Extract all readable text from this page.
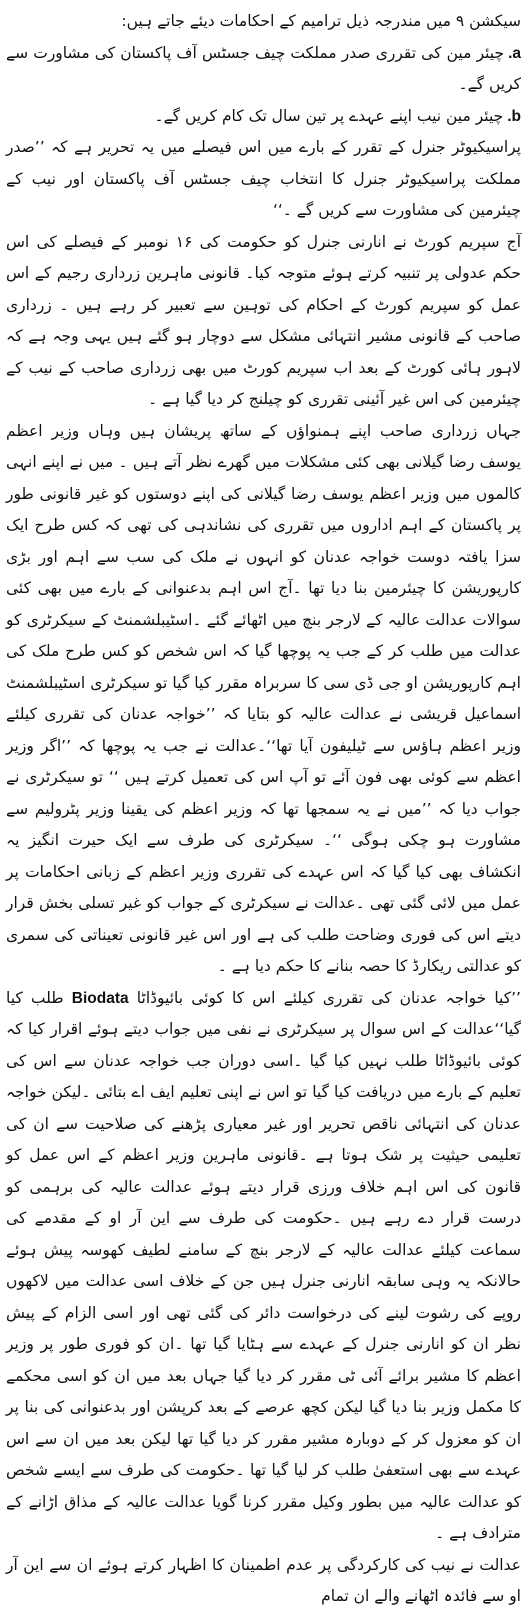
سیکشن ۹ میں مندرجہ ذیل ترامیم کے احکامات دیئے جاتے ہیں:

a.چیئر مین کی تقرری صدر مملکت چیف جسٹس آف پاکستان کی مشاورت سے کریں گے۔

b.چیئر مین نیب اپنے عہدے پر تین سال تک کام کریں گے۔

پراسیکیوٹر جنرل کے تقرر کے بارے میں اس فیصلے میں یہ تحریر ہے کہ ’’صدر مملکت پراسیکیوٹر جنرل کا انتخاب چیف جسٹس آف پاکستان اور نیب کے چیئرمین کی مشاورت سے کریں گے ۔‘‘

آج سپریم کورٹ نے انارنی جنرل کو حکومت کی ۱۶ نومبر کے فیصلے کی اس حکم عدولی پر تنبیہ کرتے ہوئے متوجہ کیا۔ قانونی ماہرین زرداری رجیم کے اس عمل کو سپریم کورٹ کے احکام کی توہین سے تعبیر کر رہے ہیں ۔ زرداری صاحب کے قانونی مشیر انتہائی مشکل سے دوچار ہو گئے ہیں یہی وجہ ہے کہ لاہور ہائی کورٹ کے بعد اب سپریم کورٹ میں بھی زرداری صاحب کے نیب کے چیئرمین کی اس غیر آئینی تقرری کو چیلنج کر دیا گیا ہے ۔

جہاں زرداری صاحب اپنے ہمنواؤں کے ساتھ پریشان ہیں وہاں وزیر اعظم یوسف رضا گیلانی بھی کئی مشکلات میں گھرے نظر آتے ہیں ۔ میں نے اپنے انہی کالموں میں وزیر اعظم یوسف رضا گیلانی کی اپنے دوستوں کو غیر قانونی طور پر پاکستان کے اہم اداروں میں تقرری کی نشاندہی کی تھی کہ کس طرح ایک سزا یافتہ دوست خواجہ عدنان کو انہوں نے ملک کی سب سے اہم اور بڑی کارپوریشن کا چیئرمین بنا دیا تھا ۔آج اس اہم بدعنوانی کے بارے میں بھی کئی سوالات عدالت عالیہ کے لارجر بنچ میں اٹھائے گئے ۔اسٹیبلشمنٹ کے سیکرٹری کو عدالت میں طلب کر کے جب یہ پوچھا گیا کہ اس شخص کو کس طرح ملک کی اہم کارپوریشن او جی ڈی سی کا سربراہ مقرر کیا گیا تو سیکرٹری اسٹیبلشمنٹ اسماعیل قریشی نے عدالت عالیہ کو بتایا کہ ’’خواجہ عدنان کی تقرری کیلئے وزیر اعظم ہاؤس سے ٹیلیفون آیا تھا‘‘۔عدالت نے جب یہ پوچھا کہ ’’اگر وزیر اعظم سے کوئی بھی فون آئے تو آپ اس کی تعمیل کرتے ہیں ‘‘ تو سیکرٹری نے جواب دیا کہ ’’میں نے یہ سمجھا تھا کہ وزیر اعظم کی یقینا وزیر پٹرولیم سے مشاورت ہو چکی ہوگی ‘‘۔ سیکرٹری کی طرف سے ایک حیرت انگیز یہ انکشاف بھی کیا گیا کہ اس عہدے کی تقرری وزیر اعظم کے زبانی احکامات پر عمل میں لائی گئی تھی ۔عدالت نے سیکرٹری کے جواب کو غیر تسلی بخش قرار دیتے اس کی فوری وضاحت طلب کی ہے اور اس غیر قانونی تعیناتی کی سمری کو عدالتی ریکارڈ کا حصہ بنانے کا حکم دیا ہے ۔

’’کیا خواجہ عدنان کی تقرری کیلئے اس کا کوئی بائیوڈاٹا Biodata طلب کیا گیا‘‘عدالت کے اس سوال پر سیکرٹری نے نفی میں جواب دیتے ہوئے اقرار کیا کہ کوئی بائیوڈاٹا طلب نہیں کیا گیا ۔اسی دوران جب خواجہ عدنان سے اس کی تعلیم کے بارے میں دریافت کیا گیا تو اس نے اپنی تعلیم ایف اے بتائی ۔لیکن خواجہ عدنان کی انتہائی ناقص تحریر اور غیر معیاری پڑھنے کی صلاحیت سے ان کی تعلیمی حیثیت پر شک ہوتا ہے ۔قانونی ماہرین وزیر اعظم کے اس عمل کو قانون کی اس اہم خلاف ورزی قرار دیتے ہوئے عدالت عالیہ کی برہمی کو درست قرار دے رہے ہیں ۔حکومت کی طرف سے این آر او کے مقدمے کی سماعت کیلئے عدالت عالیہ کے لارجر بنچ کے سامنے لطیف کھوسہ پیش ہوئے حالانکہ یہ وہی سابقہ انارنی جنرل ہیں جن کے خلاف اسی عدالت میں لاکھوں روپے کی رشوت لینے کی درخواست دائر کی گئی تھی اور اسی الزام کے پیش نظر ان کو انارنی جنرل کے عہدے سے ہٹایا گیا تھا ۔ان کو فوری طور پر وزیر اعظم کا مشیر برائے آئی ٹی مقرر کر دیا گیا جہاں بعد میں ان کو اسی محکمے کا مکمل وزیر بنا دیا گیا لیکن کچھ عرصے کے بعد کرپشن اور بدعنوانی کی بنا پر ان کو معزول کر کے دوبارہ مشیر مقرر کر دیا گیا تھا لیکن بعد میں ان سے اس عہدے سے بھی استعفیٰ طلب کر لیا گیا تھا ۔حکومت کی طرف سے ایسے شخص کو عدالت عالیہ میں بطور وکیل مقرر کرنا گویا عدالت عالیہ کے مذاق اڑانے کے مترادف ہے ۔

عدالت نے نیب کی کارکردگی پر عدم اطمینان کا اظہار کرتے ہوئے ان سے این آر او سے فائدہ اٹھانے والے ان تمام
